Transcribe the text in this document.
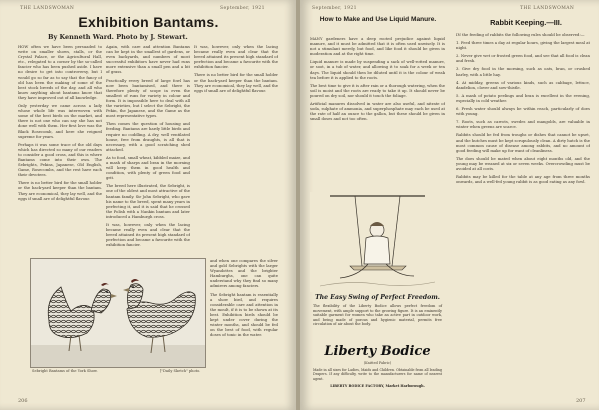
THE LANDSWOMAN	September, 1921
Exhibition Bantams.
By Kenneth Ward. Photo by J. Stewart.

HOW often we have been persuaded to write on smaller shows, stalls, or the Crystal Palace, or the Agricultural Hall, etc., relegated to a corner by the so-called fancier who has been pushed aside. I have no desire to get into controversy, but I would go so far as to say that the fancy of old has been the making of some of the best stock breeds of the day, and all who know anything about bantams know that they have improved out of all knowledge.

Only yesterday we came across a lady whose whole life was interwoven with some of the best birds on the market, and there is not one who can say she has not done well with them. Her first love was the Black Rosecomb, and here she reigned supreme for years.

Perhaps it was some trace of the old days which has directed so many of our readers to consider a good cross, and this is where Bantams come into their own. The Sebrights, Pekins, Japanese, Old English, Game, Rosecombs, and the rest have each their devotees.

There is no better bird for the small holder or the back-yard keeper than the bantam. They are economical, they lay well, and the eggs if small are of delightful flavour.

Again, with care and attention Bantams can be kept in the smallest of gardens, or even backyards, and numbers of most successful exhibitors have never had runs more extensive than a small pen and a bit of grass.

Practically every breed of large fowl has now been bantamised, and there is therefore plenty of scope in even the smallest of runs for variety in colour and form. It is impossible here to deal with all the varieties, but I select the Sebright, the Pekin, the Japanese, and the Game as the most representative types.

Then comes the question of housing and feeding. Bantams are hardy little birds and require no coddling. A dry, well ventilated house, free from draughts, is all that is necessary, with a good scratching shed attached.

As to food, small wheat, kibbled maize, and a mash of sharps and bran in the morning will keep them in good health and condition, with plenty of green food and grit.

The breed here illustrated, the Sebright, is one of the oldest and most attractive of the bantam family. Sir John Sebright, who gave his name to the breed, spent many years in perfecting it, and it is said that he crossed the Polish with a Nankin bantam and later introduced a Hamburgh cross.

It was, however, only when the lacing became really even and clear that the breed attained its present high standard of perfection and became a favourite with the exhibition fancier.

It was, however, only when the lacing became really even and clear that the breed attained its present high standard of perfection and became a favourite with the exhibition fancier.

There is no better bird for the small holder or the back-yard keeper than the bantam. They are economical, they lay well, and the eggs if small are of delightful flavour.

and when one compares the silver and gold Sebrights with the larger Wyandottes and the brighter Hamburghs, one can quite understand why they find so many admirers among fanciers.

The Sebright bantam is essentially a show bird, and requires considerable care and attention in the moult, if it is to be shown at its best. Exhibition birds should be kept under cover during the winter months, and should be fed on the best of food, with regular doses of tonic in the water.

Sebright Bantams of the York Show.	["Daily Sketch" photo.
206
September, 1921	THE LANDSWOMAN
How to Make and Use Liquid Manure.

MANY gardeners have a deep rooted prejudice against liquid manure, and it must be admitted that it is often used unwisely. It is not a stimulant merely, but food, and like food it should be given in moderation and at the right time.

Liquid manure is made by suspending a sack of well-rotted manure, or soot, in a tub of water, and allowing it to soak for a week or ten days. The liquid should then be diluted until it is the colour of weak tea before it is applied to the roots.

The best time to give it is after rain or a thorough watering, when the soil is moist and the roots are ready to take it up. It should never be poured on dry soil, nor should it touch the foliage.

Artificial manures dissolved in water are also useful, and nitrate of soda, sulphate of ammonia, and superphosphate may each be used at the rate of half an ounce to the gallon, but these should be given in small doses and not too often.

The Easy Swing of Perfect Freedom.
The flexibility of the Liberty Bodice allows perfect freedom of movement, with ample support to the growing figure. It is an eminently suitable garment for women who take an active part in outdoor work, and being made of porous and hygienic material, permits free circulation of air about the body.
Liberty Bodice
(Knitted Fabric)
Made in all sizes for Ladies, Maids and Children. Obtainable from all leading Drapers. If any difficulty, write to the manufacturers for name of nearest agent.
LIBERTY BODICE FACTORY, Market Harborough.
Rabbit Keeping.—III.

IN the feeding of rabbits the following rules should be observed:—

1. Feed three times a day at regular hours, giving the largest meal at night.

2. Never give wet or frosted green food, and see that all food is clean and fresh.

3. Give dry food in the morning, such as oats, bran, or crushed barley, with a little hay.

4. At midday, greens of various kinds, such as cabbage, lettuce, dandelion, clover and sow-thistle.

5. A mash of potato peelings and bran is excellent in the evening, especially in cold weather.

6. Fresh water should always be within reach, particularly of does with young.

7. Roots, such as carrots, swedes and mangolds, are valuable in winter when greens are scarce.

Rabbits should be fed from troughs or dishes that cannot be upset, and the hutches must be kept scrupulously clean. A dirty hutch is the most common cause of disease among rabbits, and no amount of good feeding will make up for want of cleanliness.

The does should be mated when about eight months old, and the young may be weaned at six or seven weeks. Overcrowding must be avoided at all costs.

Rabbits may be killed for the table at any age from three months onwards, and a well-fed young rabbit is as good eating as any fowl.

207
